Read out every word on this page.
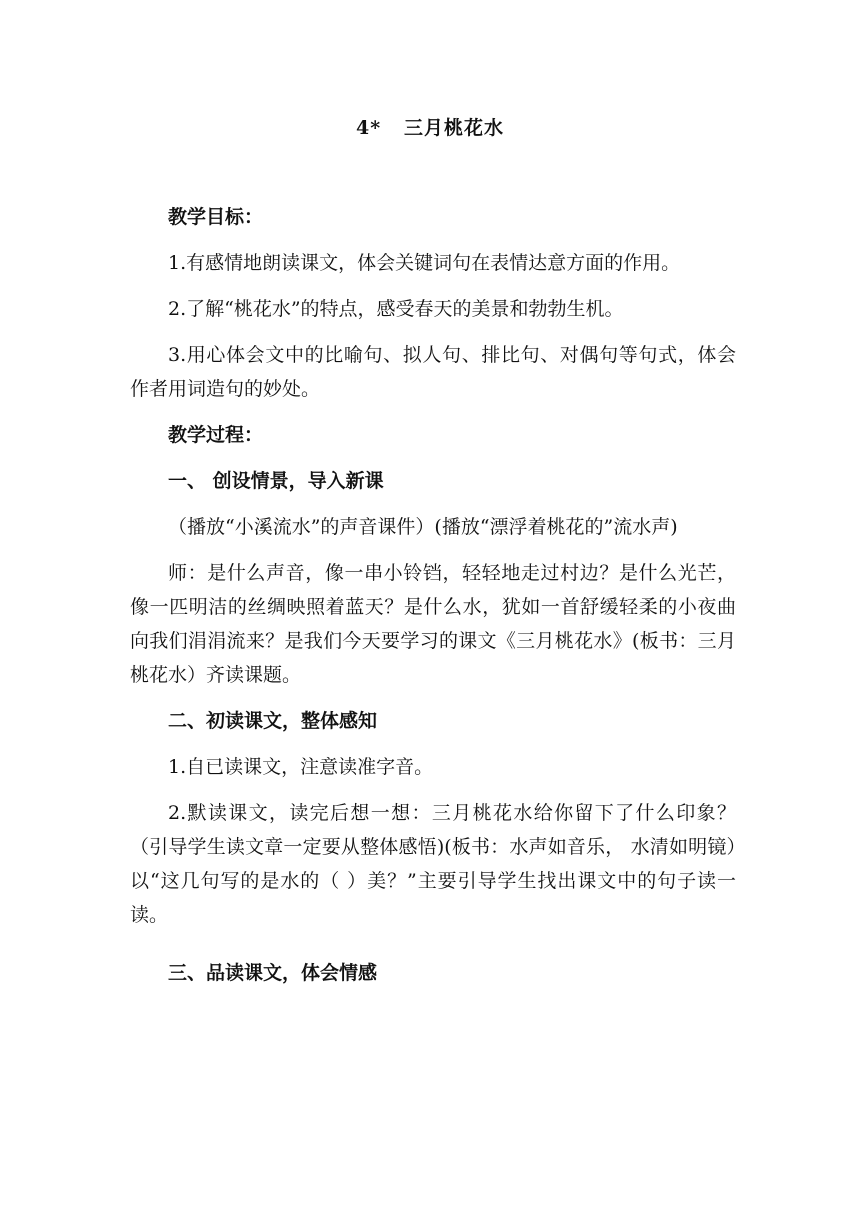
4*   三月桃花水

教学目标：

1.有感情地朗读课文，体会关键词句在表情达意方面的作用。

2.了解“桃花水”的特点，感受春天的美景和勃勃生机。

3.用心体会文中的比喻句、拟人句、排比句、对偶句等句式，体会作者用词造句的妙处。

教学过程：

一、 创设情景，导入新课

（播放“小溪流水”的声音课件）(播放“漂浮着桃花的”流水声)

师：是什么声音，像一串小铃铛，轻轻地走过村边？是什么光芒，像一匹明洁的丝绸映照着蓝天？是什么水，犹如一首舒缓轻柔的小夜曲向我们涓涓流来？是我们今天要学习的课文《三月桃花水》(板书：三月桃花水）齐读课题。

二、初读课文，整体感知

1.自已读课文，注意读准字音。

2.默读课文，读完后想一想：三月桃花水给你留下了什么印象？（引导学生读文章一定要从整体感悟)(板书：水声如音乐， 水清如明镜）以“这几句写的是水的（ ）美？”主要引导学生找出课文中的句子读一读。

三、品读课文，体会情感
